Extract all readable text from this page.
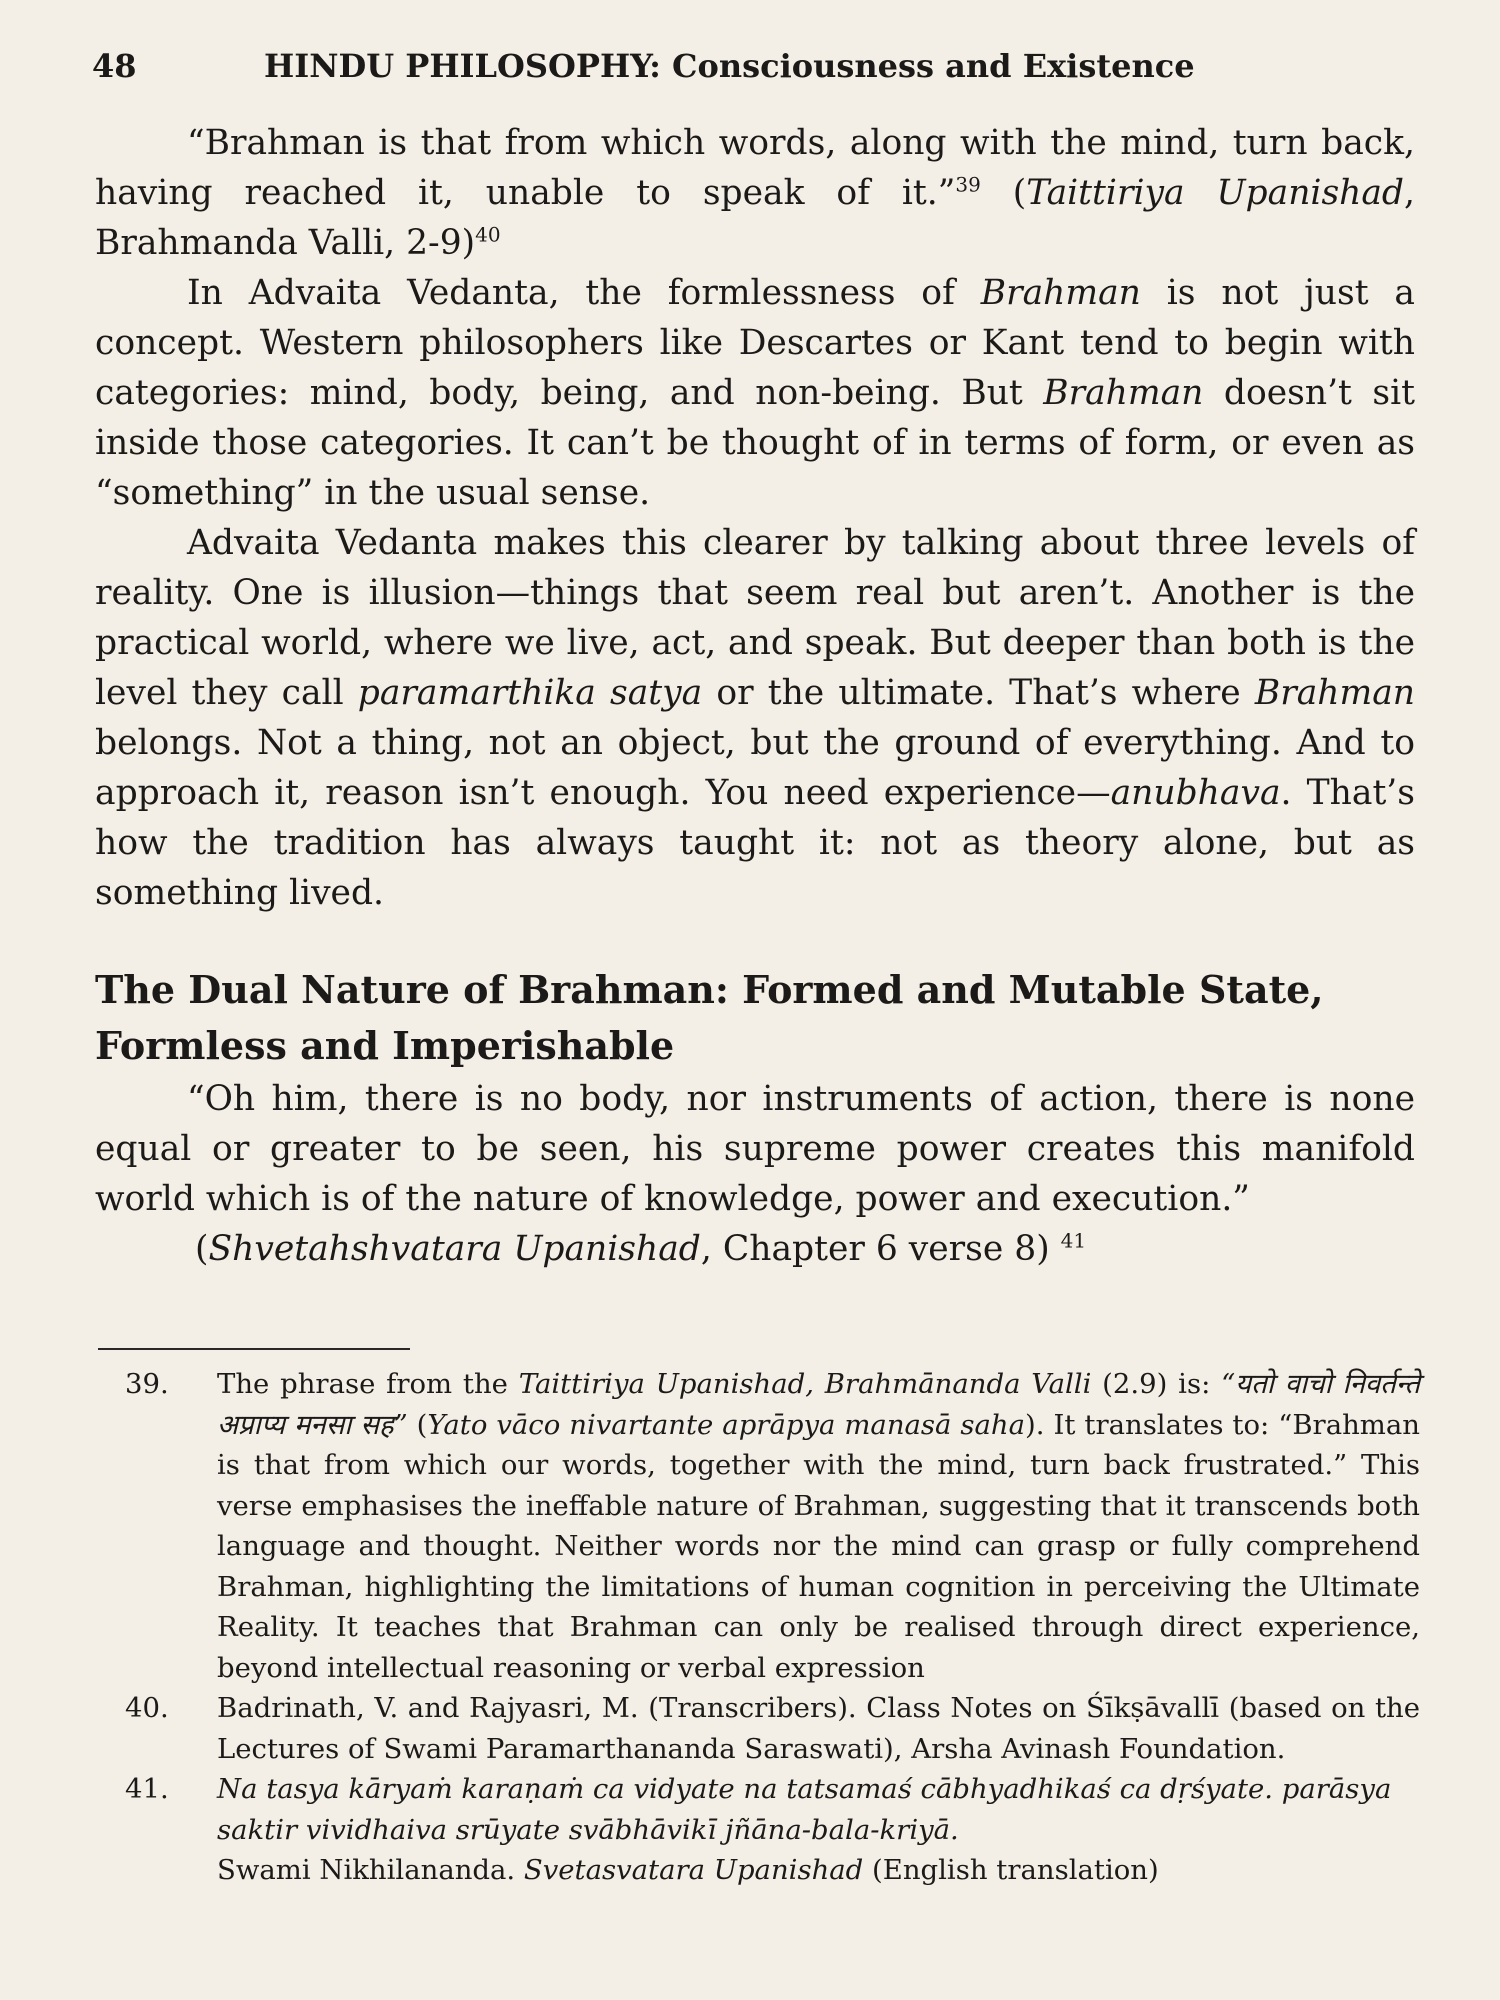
48	HINDU PHILOSOPHY: Consciousness and Existence

“Brahman is that from which words, along with the mind, turn back, having reached it, unable to speak of it.”$^{39}$ (Taittiriya Upanishad, Brahmanda Valli, 2-9)$^{40}$

In Advaita Vedanta, the formlessness of Brahman is not just a concept. Western philosophers like Descartes or Kant tend to begin with categories: mind, body, being, and non-being. But Brahman doesn’t sit inside those categories. It can’t be thought of in terms of form, or even as “something” in the usual sense.

Advaita Vedanta makes this clearer by talking about three levels of reality. One is illusion—things that seem real but aren’t. Another is the practical world, where we live, act, and speak. But deeper than both is the level they call paramarthika satya or the ultimate. That’s where Brahman belongs. Not a thing, not an object, but the ground of everything. And to approach it, reason isn’t enough. You need experience—anubhava. That’s how the tradition has always taught it: not as theory alone, but as something lived.

The Dual Nature of Brahman: Formed and Mutable State, Formless and Imperishable

“Oh him, there is no body, nor instruments of action, there is none equal or greater to be seen, his supreme power creates this manifold world which is of the nature of knowledge, power and execution.”

(Shvetahshvatara Upanishad, Chapter 6 verse 8) $^{41}$

39.	The phrase from the Taittiriya Upanishad, Brahmānanda Valli (2.9) is: “यतो वाचो निवर्तन्ते अप्राप्य मनसा सह” (Yato vāco nivartante aprāpya manasā saha). It translates to: “Brahman is that from which our words, together with the mind, turn back frustrated.” This verse emphasises the ineffable nature of Brahman, suggesting that it transcends both language and thought. Neither words nor the mind can grasp or fully comprehend Brahman, highlighting the limitations of human cognition in perceiving the Ultimate Reality. It teaches that Brahman can only be realised through direct experience, beyond intellectual reasoning or verbal expression
40.	Badrinath, V. and Rajyasri, M. (Transcribers). Class Notes on Śīkṣāvallī (based on the Lectures of Swami Paramarthananda Saraswati), Arsha Avinash Foundation.
41.	Na tasya kāryaṁ karaṇaṁ ca vidyate na tatsamaś cābhyadhikaś ca dṛśyate. parāsya saktir vividhaiva srūyate svābhāvikī jñāna-bala-kriyā.
Swami Nikhilananda. Svetasvatara Upanishad (English translation)
